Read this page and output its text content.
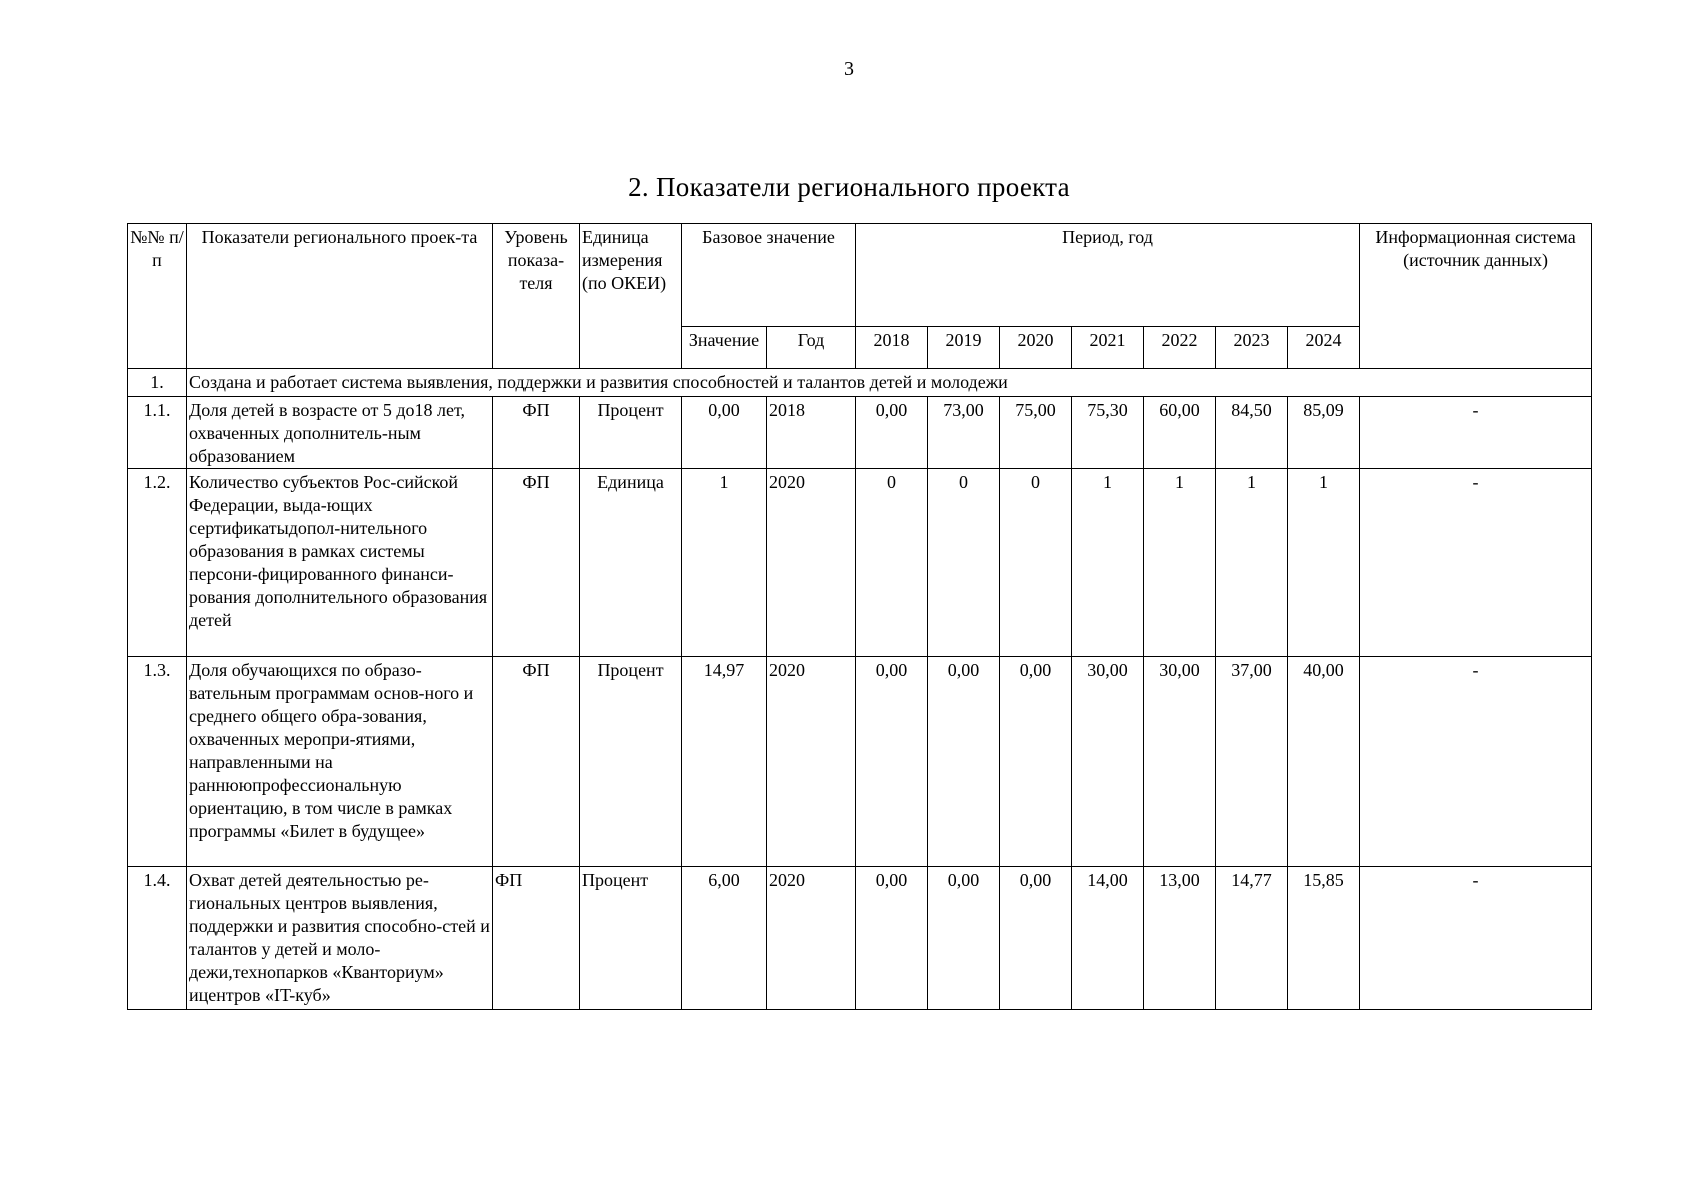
3
2. Показатели регионального проекта
№№ п/п	Показатели регионального проек-та	Уровень показа-теля	Единица измерения (по ОКЕИ)	Базовое значение		Период, год							Информационная система (источник данных)
				Значение	Год	2018	2019	2020	2021	2022	2023	2024	
1.	Создана и работает система выявления, поддержки и развития способностей и талантов детей и молодежи												
1.1.	Доля детей в возрасте от 5 до18 лет, охваченных дополнитель-ным образованием	ФП	Процент	0,00	2018	0,00	73,00	75,00	75,30	60,00	84,50	85,09	-
1.2.	Количество субъектов Рос-сийской Федерации, выда-ющих сертификатыдопол-нительного образования в рамках системы персони-фицированного финанси-рования дополнительного образования детей	ФП	Единица	1	2020	0	0	0	1	1	1	1	-
1.3.	Доля обучающихся по образо-вательным программам основ-ного и среднего общего обра-зования, охваченных меропри-ятиями, направленными на раннююпрофессиональную ориентацию, в том числе в рамках программы «Билет в будущее»	ФП	Процент	14,97	2020	0,00	0,00	0,00	30,00	30,00	37,00	40,00	-
1.4.	Охват детей деятельностью ре-гиональных центров выявления, поддержки и развития способно-стей и талантов у детей и моло-дежи,технопарков «Кванториум» ицентров «IT-куб»	ФП	Процент	6,00	2020	0,00	0,00	0,00	14,00	13,00	14,77	15,85	-
